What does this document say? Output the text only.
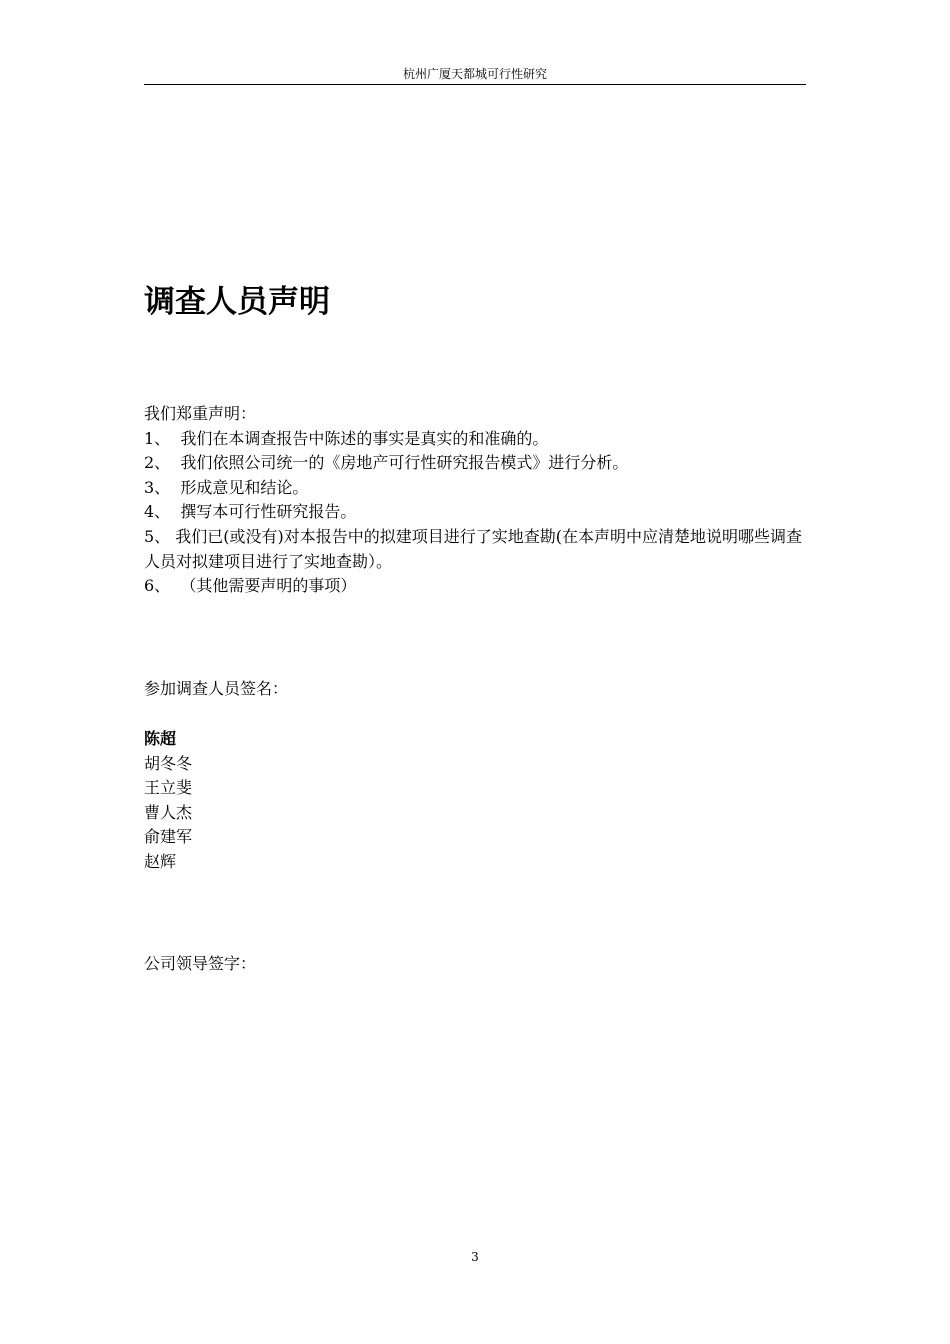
杭州广厦天都城可行性研究
调查人员声明

我们郑重声明：

1、  我们在本调查报告中陈述的事实是真实的和准确的。

2、  我们依照公司统一的《房地产可行性研究报告模式》进行分析。

3、  形成意见和结论。

4、  撰写本可行性研究报告。

5、 我们已(或没有)对本报告中的拟建项目进行了实地查勘(在本声明中应清楚地说明哪些调查人员对拟建项目进行了实地查勘）。

6、  （其他需要声明的事项）

参加调查人员签名：
陈超
胡冬冬
王立斐
曹人杰
俞建军
赵辉
公司领导签字：
3
